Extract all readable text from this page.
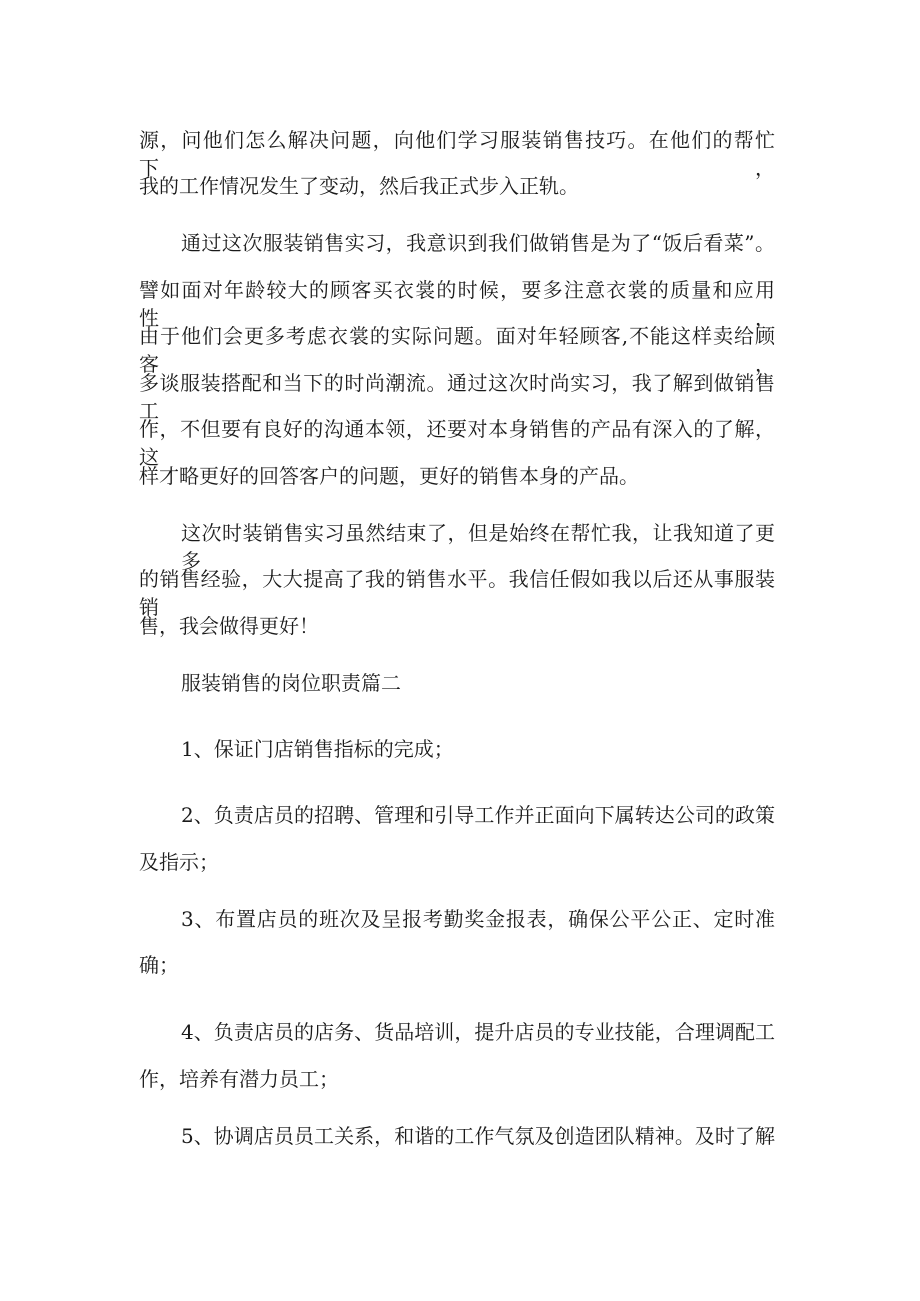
源，问他们怎么解决问题，向他们学习服装销售技巧。在他们的帮忙下，

我的工作情况发生了变动，然后我正式步入正轨。

通过这次服装销售实习，我意识到我们做销售是为了“饭后看菜”。

譬如面对年龄较大的顾客买衣裳的时候，要多注意衣裳的质量和应用性，

由于他们会更多考虑衣裳的实际问题。面对年轻顾客,不能这样卖给顾客，

多谈服装搭配和当下的时尚潮流。通过这次时尚实习，我了解到做销售工

作，不但要有良好的沟通本领，还要对本身销售的产品有深入的了解，这

样才略更好的回答客户的问题，更好的销售本身的产品。

这次时装销售实习虽然结束了，但是始终在帮忙我，让我知道了更多

的销售经验，大大提高了我的销售水平。我信任假如我以后还从事服装销

售，我会做得更好！

服装销售的岗位职责篇二

1、保证门店销售指标的完成；

2、负责店员的招聘、管理和引导工作并正面向下属转达公司的政策

及指示；

3、布置店员的班次及呈报考勤奖金报表，确保公平公正、定时准

确；

4、负责店员的店务、货品培训，提升店员的专业技能，合理调配工

作，培养有潜力员工；

5、协调店员员工关系，和谐的工作气氛及创造团队精神。及时了解
